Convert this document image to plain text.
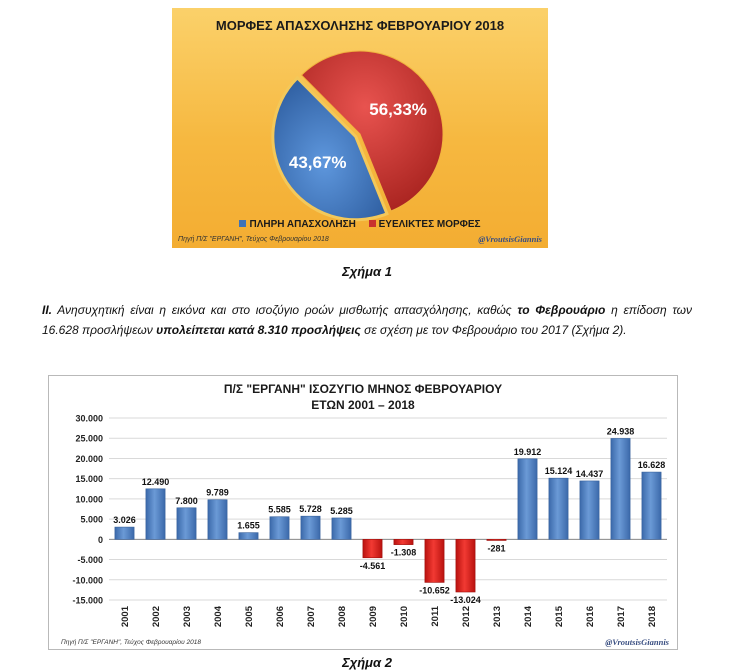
ΜΟΡΦΕΣ ΑΠΑΣΧΟΛΗΣΗΣ ΦΕΒΡΟΥΑΡΙΟΥ 2018
43,67%
56,33%
ΠΛΗΡΗ ΑΠΑΣΧΟΛΗΣΗ ΕΥΕΛΙΚΤΕΣ ΜΟΡΦΕΣ
Πηγή Π/Σ "ΕΡΓΑΝΗ", Τεύχος Φεβρουαρίου 2018	@VroutsisGiannis
Σχήμα 1
ΙΙ. Ανησυχητική είναι η εικόνα και στο ισοζύγιο ροών μισθωτής απασχόλησης, καθώς το Φεβρουάριο η επίδοση των 16.628 προσλήψεων υπολείπεται κατά 8.310 προσλήψεις σε σχέση με τον Φεβρουάριο του 2017 (Σχήμα 2).
Π/Σ "ΕΡΓΑΝΗ" ΙΣΟΖΥΓΙΟ ΜΗΝΟΣ ΦΕΒΡΟΥΑΡΙΟΥ
ΕΤΩΝ 2001 – 2018
30.000
25.000
20.000
15.000
10.000
5.000
0
-5.000
-10.000
-15.000
3.026
2001
12.490
2002
7.800
2003
9.789
2004
1.655
2005
5.585
2006
5.728
2007
5.285
2008
-4.561
2009
-1.308
2010
-10.652
2011
-13.024
2012
-281
2013
19.912
2014
15.124
2015
14.437
2016
24.938
2017
16.628
2018
Πηγή Π/Σ "ΕΡΓΑΝΗ", Τεύχος Φεβρουαρίου 2018	@VroutsisGiannis
Σχήμα 2
